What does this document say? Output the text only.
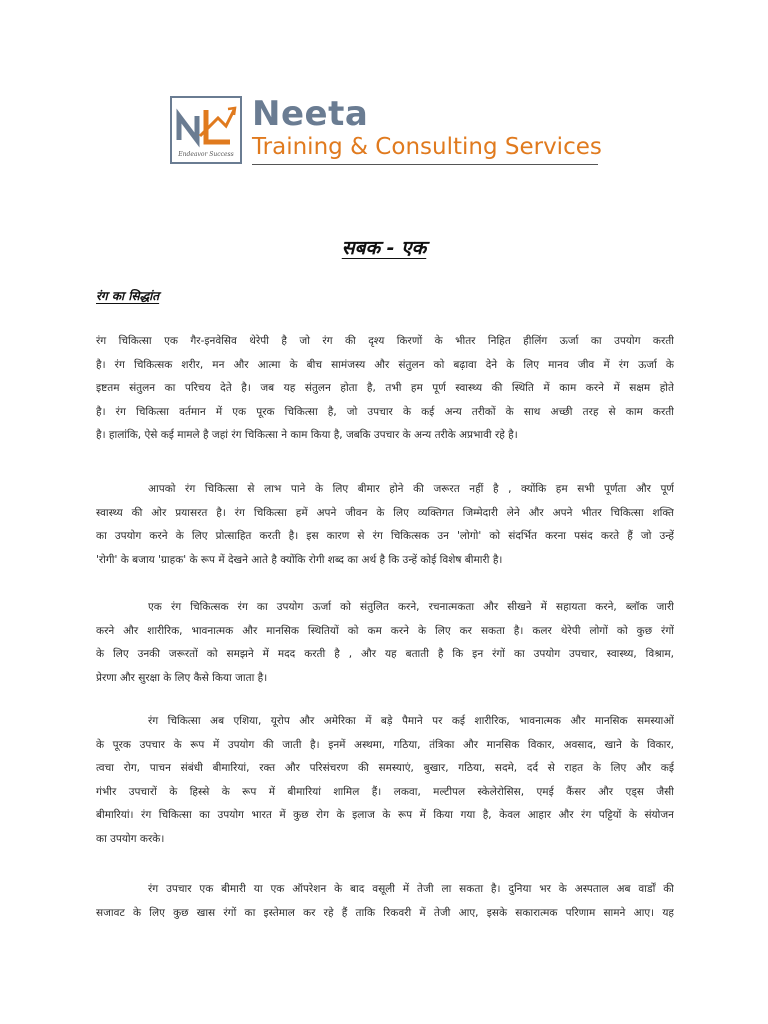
Endeavor Success
Neeta
Training & Consulting Services
सबक - एक
रंग का सिद्धांत
रंग चिकित्सा एक गैर-इनवेसिव थेरेपी है जो रंग की दृश्य किरणों के भीतर निहित हीलिंग ऊर्जा का उपयोग करती
है। रंग चिकित्सक शरीर, मन और आत्मा के बीच सामंजस्य और संतुलन को बढ़ावा देने के लिए मानव जीव में रंग ऊर्जा के
इष्टतम संतुलन का परिचय देते है। जब यह संतुलन होता है, तभी हम पूर्ण स्वास्थ्य की स्थिति में काम करने में सक्षम होते
है। रंग चिकित्सा वर्तमान में एक पूरक चिकित्सा है, जो उपचार के कई अन्य तरीकों के साथ अच्छी तरह से काम करती
है। हालांकि, ऐसे कई मामले है जहां रंग चिकित्सा ने काम किया है, जबकि उपचार के अन्य तरीके अप्रभावी रहे है।
आपको रंग चिकित्सा से लाभ पाने के लिए बीमार होने की जरूरत नहीं है , क्योंकि हम सभी पूर्णता और पूर्ण
स्वास्थ्य की ओर प्रयासरत है। रंग चिकित्सा हमें अपने जीवन के लिए व्यक्तिगत जिम्मेदारी लेने और अपने भीतर चिकित्सा शक्ति
का उपयोग करने के लिए प्रोत्साहित करती है। इस कारण से रंग चिकित्सक उन 'लोगो' को संदर्भित करना पसंद करते हैं जो उन्हें
'रोगी' के बजाय 'ग्राहक' के रूप में देखने आते है क्योंकि रोगी शब्द का अर्थ है कि उन्हें कोई विशेष बीमारी है।
एक रंग चिकित्सक रंग का उपयोग ऊर्जा को संतुलित करने, रचनात्मकता और सीखने में सहायता करने, ब्लॉक जारी
करने और शारीरिक, भावनात्मक और मानसिक स्थितियों को कम करने के लिए कर सकता है। कलर थेरेपी लोगों को कुछ रंगों
के लिए उनकी जरूरतों को समझने में मदद करती है , और यह बताती है कि इन रंगों का उपयोग उपचार, स्वास्थ्य, विश्राम,
प्रेरणा और सुरक्षा के लिए कैसे किया जाता है।
रंग चिकित्सा अब एशिया, यूरोप और अमेरिका में बड़े पैमाने पर कई शारीरिक, भावनात्मक और मानसिक समस्याओं
के पूरक उपचार के रूप में उपयोग की जाती है। इनमें अस्थमा, गठिया, तंत्रिका और मानसिक विकार, अवसाद, खाने के विकार,
त्वचा रोग, पाचन संबंधी बीमारियां, रक्त और परिसंचरण की समस्याएं, बुखार, गठिया, सदमे, दर्द से राहत के लिए और कई
गंभीर उपचारों के हिस्से के रूप में बीमारियां शामिल हैं। लकवा, मल्टीपल स्केलेरोसिस, एमई कैंसर और एड्स जैसी
बीमारियां। रंग चिकित्सा का उपयोग भारत में कुछ रोग के इलाज के रूप में किया गया है, केवल आहार और रंग पट्टियों के संयोजन
का उपयोग करके।
रंग उपचार एक बीमारी या एक ऑपरेशन के बाद वसूली में तेजी ला सकता है। दुनिया भर के अस्पताल अब वार्डों की
सजावट के लिए कुछ खास रंगों का इस्तेमाल कर रहे हैं ताकि रिकवरी में तेजी आए, इसके सकारात्मक परिणाम सामने आए। यह
